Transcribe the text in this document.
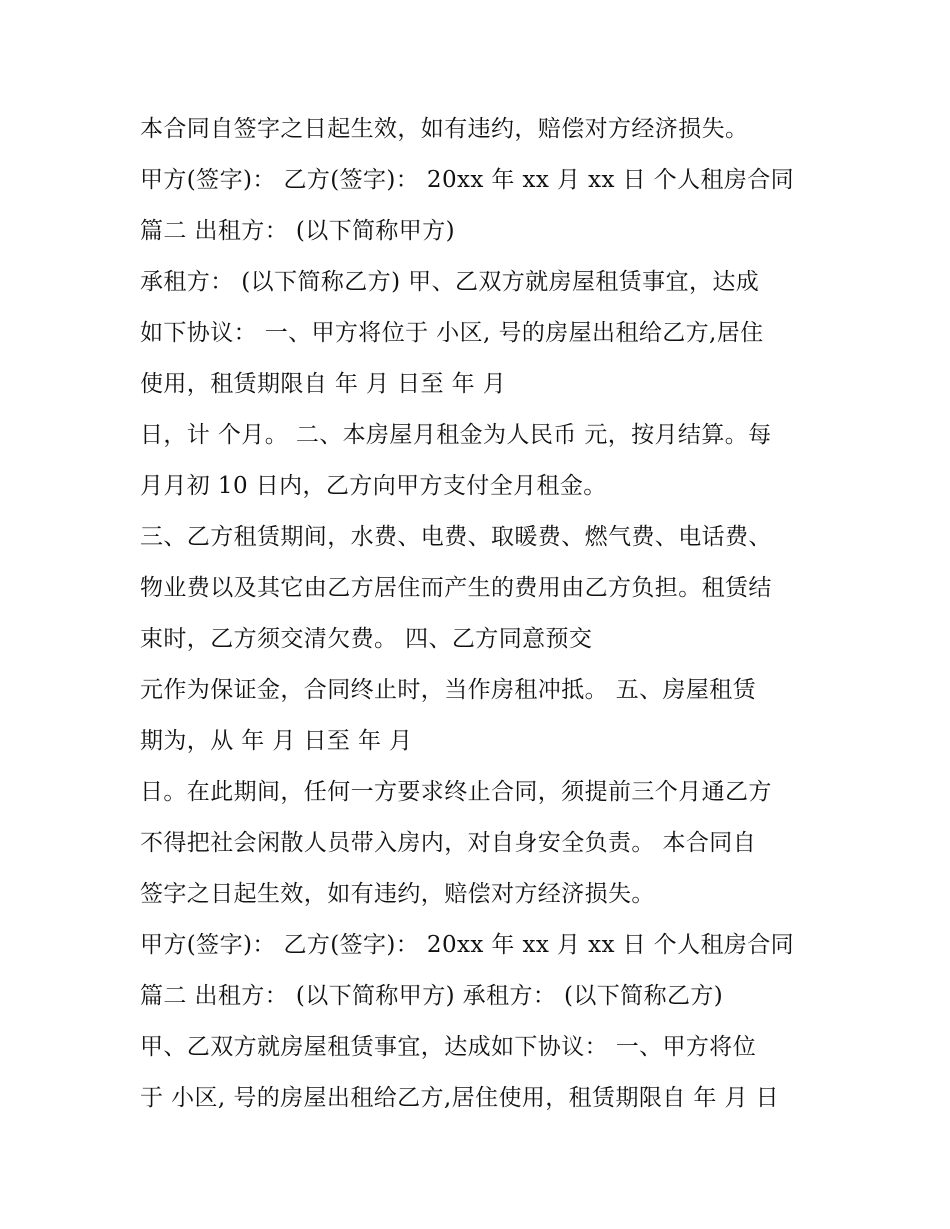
本合同自签字之日起生效，如有违约，赔偿对方经济损失。
甲方(签字)： 乙方(签字)： 20xx 年 xx 月 xx 日 个人租房合同
篇二 出租方： (以下简称甲方)
承租方： (以下简称乙方) 甲、乙双方就房屋租赁事宜，达成
如下协议： 一、甲方将位于 小区, 号的房屋出租给乙方,居住
使用，租赁期限自 年 月 日至 年 月
日，计 个月。 二、本房屋月租金为人民币 元，按月结算。每
月月初 10 日内，乙方向甲方支付全月租金。
三、乙方租赁期间，水费、电费、取暖费、燃气费、电话费、
物业费以及其它由乙方居住而产生的费用由乙方负担。租赁结
束时，乙方须交清欠费。 四、乙方同意预交
元作为保证金，合同终止时，当作房租冲抵。 五、房屋租赁
期为，从 年 月 日至 年 月
日。在此期间，任何一方要求终止合同，须提前三个月通乙方
不得把社会闲散人员带入房内，对自身安全负责。 本合同自
签字之日起生效，如有违约，赔偿对方经济损失。
甲方(签字)： 乙方(签字)： 20xx 年 xx 月 xx 日 个人租房合同
篇二 出租方： (以下简称甲方) 承租方： (以下简称乙方)
甲、乙双方就房屋租赁事宜，达成如下协议： 一、甲方将位
于 小区, 号的房屋出租给乙方,居住使用，租赁期限自 年 月 日
